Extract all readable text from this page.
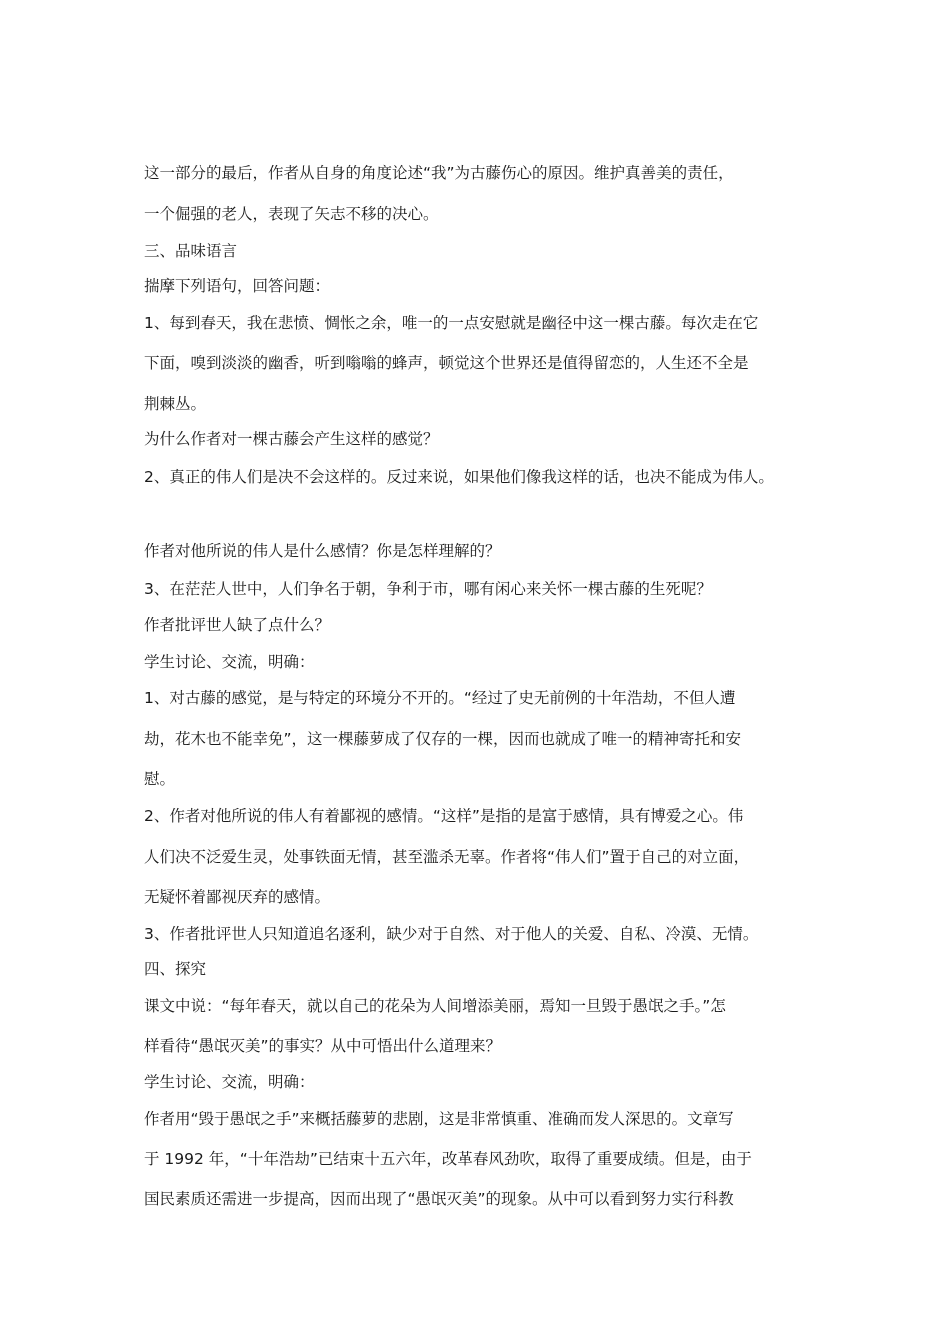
这一部分的最后，作者从自身的角度论述“我”为古藤伤心的原因。维护真善美的责任，

一个倔强的老人，表现了矢志不移的决心。

三、品味语言

揣摩下列语句，回答问题：

1、每到春天，我在悲愤、惆怅之余，唯一的一点安慰就是幽径中这一棵古藤。每次走在它

下面，嗅到淡淡的幽香，听到嗡嗡的蜂声，顿觉这个世界还是值得留恋的，人生还不全是

荆棘丛。

为什么作者对一棵古藤会产生这样的感觉？

2、真正的伟人们是决不会这样的。反过来说，如果他们像我这样的话，也决不能成为伟人。

作者对他所说的伟人是什么感情？你是怎样理解的？

3、在茫茫人世中，人们争名于朝，争利于市，哪有闲心来关怀一棵古藤的生死呢？

作者批评世人缺了点什么？

学生讨论、交流，明确：

1、对古藤的感觉，是与特定的环境分不开的。“经过了史无前例的十年浩劫，不但人遭

劫，花木也不能幸免”，这一棵藤萝成了仅存的一棵，因而也就成了唯一的精神寄托和安

慰。

2、作者对他所说的伟人有着鄙视的感情。“这样”是指的是富于感情，具有博爱之心。伟

人们决不泛爱生灵，处事铁面无情，甚至滥杀无辜。作者将“伟人们”置于自己的对立面，

无疑怀着鄙视厌弃的感情。

3、作者批评世人只知道追名逐利，缺少对于自然、对于他人的关爱、自私、冷漠、无情。

四、探究

课文中说：“每年春天，就以自己的花朵为人间增添美丽，焉知一旦毁于愚氓之手。”怎

样看待“愚氓灭美”的事实？从中可悟出什么道理来？

学生讨论、交流，明确：

作者用“毁于愚氓之手”来概括藤萝的悲剧，这是非常慎重、准确而发人深思的。文章写

于 1992 年，“十年浩劫”已结束十五六年，改革春风劲吹，取得了重要成绩。但是，由于

国民素质还需进一步提高，因而出现了“愚氓灭美”的现象。从中可以看到努力实行科教
